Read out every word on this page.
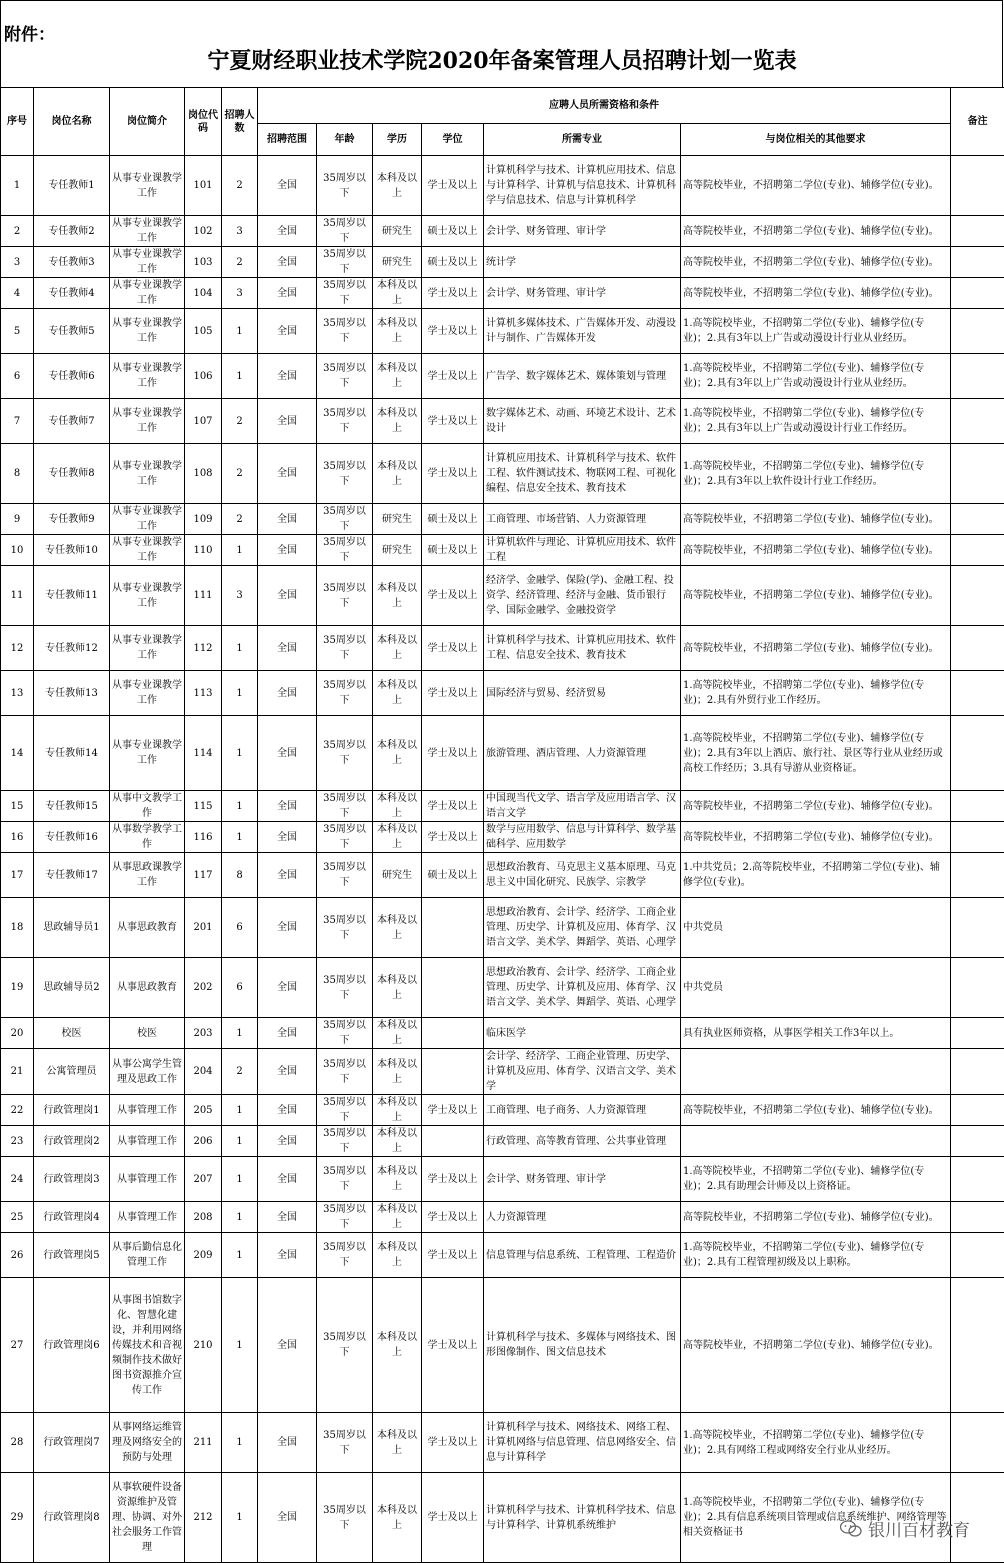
附件：
宁夏财经职业技术学院2020年备案管理人员招聘计划一览表
序号	岗位名称	岗位简介	岗位代码	招聘人数	应聘人员所需资格和条件						备注
					招聘范围	年龄	学历	学位	所需专业	与岗位相关的其他要求	
1	专任教师1	从事专业课教学工作	101	2	全国	35周岁以下	本科及以上	学士及以上	计算机科学与技术、计算机应用技术、信息与计算科学、计算机与信息技术、计算机科学与信息技术、信息与计算机科学	高等院校毕业，不招聘第二学位(专业)、辅修学位(专业)。	
2	专任教师2	从事专业课教学工作	102	3	全国	35周岁以下	研究生	硕士及以上	会计学、财务管理、审计学	高等院校毕业，不招聘第二学位(专业)、辅修学位(专业)。	
3	专任教师3	从事专业课教学工作	103	2	全国	35周岁以下	研究生	硕士及以上	统计学	高等院校毕业，不招聘第二学位(专业)、辅修学位(专业)。	
4	专任教师4	从事专业课教学工作	104	3	全国	35周岁以下	本科及以上	学士及以上	会计学、财务管理、审计学	高等院校毕业，不招聘第二学位(专业)、辅修学位(专业)。	
5	专任教师5	从事专业课教学工作	105	1	全国	35周岁以下	本科及以上	学士及以上	计算机多媒体技术、广告媒体开发、动漫设计与制作、广告媒体开发	1.高等院校毕业，不招聘第二学位(专业)、辅修学位(专业)；2.具有3年以上广告或动漫设计行业从业经历。	
6	专任教师6	从事专业课教学工作	106	1	全国	35周岁以下	本科及以上	学士及以上	广告学、数字媒体艺术、媒体策划与管理	1.高等院校毕业，不招聘第二学位(专业)、辅修学位(专业)；2.具有3年以上广告或动漫设计行业从业经历。	
7	专任教师7	从事专业课教学工作	107	2	全国	35周岁以下	本科及以上	学士及以上	数字媒体艺术、动画、环境艺术设计、艺术设计	1.高等院校毕业，不招聘第二学位(专业)、辅修学位(专业)；2.具有3年以上广告或动漫设计行业工作经历。	
8	专任教师8	从事专业课教学工作	108	2	全国	35周岁以下	本科及以上	学士及以上	计算机应用技术、计算机科学与技术、软件工程、软件测试技术、物联网工程、可视化编程、信息安全技术、教育技术	1.高等院校毕业，不招聘第二学位(专业)、辅修学位(专业)；2.具有3年以上软件设计行业工作经历。	
9	专任教师9	从事专业课教学工作	109	2	全国	35周岁以下	研究生	硕士及以上	工商管理、市场营销、人力资源管理	高等院校毕业，不招聘第二学位(专业)、辅修学位(专业)。	
10	专任教师10	从事专业课教学工作	110	1	全国	35周岁以下	研究生	硕士及以上	计算机软件与理论、计算机应用技术、软件工程	高等院校毕业，不招聘第二学位(专业)、辅修学位(专业)。	
11	专任教师11	从事专业课教学工作	111	3	全国	35周岁以下	本科及以上	学士及以上	经济学、金融学、保险(学)、金融工程、投资学、经济管理、经济与金融、货币银行学、国际金融学、金融投资学	高等院校毕业，不招聘第二学位(专业)、辅修学位(专业)。	
12	专任教师12	从事专业课教学工作	112	1	全国	35周岁以下	本科及以上	学士及以上	计算机科学与技术、计算机应用技术、软件工程、信息安全技术、教育技术	高等院校毕业，不招聘第二学位(专业)、辅修学位(专业)。	
13	专任教师13	从事专业课教学工作	113	1	全国	35周岁以下	本科及以上	学士及以上	国际经济与贸易、经济贸易	1.高等院校毕业，不招聘第二学位(专业)、辅修学位(专业)；2.具有外贸行业工作经历。	
14	专任教师14	从事专业课教学工作	114	1	全国	35周岁以下	本科及以上	学士及以上	旅游管理、酒店管理、人力资源管理	1.高等院校毕业，不招聘第二学位(专业)、辅修学位(专业)；2.具有3年以上酒店、旅行社、景区等行业从业经历或高校工作经历；3.具有导游从业资格证。	
15	专任教师15	从事中文教学工作	115	1	全国	35周岁以下	本科及以上	学士及以上	中国现当代文学、语言学及应用语言学、汉语言文学	高等院校毕业，不招聘第二学位(专业)、辅修学位(专业)。	
16	专任教师16	从事数学教学工作	116	1	全国	35周岁以下	本科及以上	学士及以上	数学与应用数学、信息与计算科学、数学基础科学、应用数学	高等院校毕业，不招聘第二学位(专业)、辅修学位(专业)。	
17	专任教师17	从事思政课教学工作	117	8	全国	35周岁以下	研究生	硕士及以上	思想政治教育、马克思主义基本原理、马克思主义中国化研究、民族学、宗教学	1.中共党员；2.高等院校毕业，不招聘第二学位(专业)、辅修学位(专业)。	
18	思政辅导员1	从事思政教育	201	6	全国	35周岁以下	本科及以上		思想政治教育、会计学、经济学、工商企业管理、历史学、计算机及应用、体育学、汉语言文学、美术学、舞蹈学、英语、心理学	中共党员	
19	思政辅导员2	从事思政教育	202	6	全国	35周岁以下	本科及以上		思想政治教育、会计学、经济学、工商企业管理、历史学、计算机及应用、体育学、汉语言文学、美术学、舞蹈学、英语、心理学	中共党员	
20	校医	校医	203	1	全国	35周岁以下	本科及以上		临床医学	具有执业医师资格，从事医学相关工作3年以上。	
21	公寓管理员	从事公寓学生管理及思政工作	204	2	全国	35周岁以下	本科及以上		会计学、经济学、工商企业管理、历史学、计算机及应用、体育学、汉语言文学、美术学		
22	行政管理岗1	从事管理工作	205	1	全国	35周岁以下	本科及以上	学士及以上	工商管理、电子商务、人力资源管理	高等院校毕业，不招聘第二学位(专业)、辅修学位(专业)。	
23	行政管理岗2	从事管理工作	206	1	全国	35周岁以下	本科及以上		行政管理、高等教育管理、公共事业管理		
24	行政管理岗3	从事管理工作	207	1	全国	35周岁以下	本科及以上	学士及以上	会计学、财务管理、审计学	1.高等院校毕业，不招聘第二学位(专业)、辅修学位(专业)；2.具有助理会计师及以上资格证。	
25	行政管理岗4	从事管理工作	208	1	全国	35周岁以下	本科及以上	学士及以上	人力资源管理	高等院校毕业，不招聘第二学位(专业)、辅修学位(专业)。	
26	行政管理岗5	从事后勤信息化管理工作	209	1	全国	35周岁以下	本科及以上	学士及以上	信息管理与信息系统、工程管理、工程造价	1.高等院校毕业，不招聘第二学位(专业)、辅修学位(专业)；2.具有工程管理初级及以上职称。	
27	行政管理岗6	从事图书馆数字化、智慧化建设，并利用网络传媒技术和音视频制作技术做好图书资源推介宣传工作	210	1	全国	35周岁以下	本科及以上	学士及以上	计算机科学与技术、多媒体与网络技术、图形图像制作、图文信息技术	高等院校毕业，不招聘第二学位(专业)、辅修学位(专业)。	
28	行政管理岗7	从事网络运维管理及网络安全的预防与处理	211	1	全国	35周岁以下	本科及以上	学士及以上	计算机科学与技术、网络技术、网络工程、计算机网络与信息管理、信息网络安全、信息与计算科学	1.高等院校毕业，不招聘第二学位(专业)、辅修学位(专业)；2.具有网络工程或网络安全行业从业经历。	
29	行政管理岗8	从事软硬件设备资源维护及管理、协调、对外社会服务工作管理	212	1	全国	35周岁以下	本科及以上	学士及以上	计算机科学与技术、计算机科学技术、信息与计算科学、计算机系统维护	1.高等院校毕业，不招聘第二学位(专业)、辅修学位(专业)；2.具有信息系统项目管理或信息系统维护、网络管理等相关资格证书		银川百材教育
